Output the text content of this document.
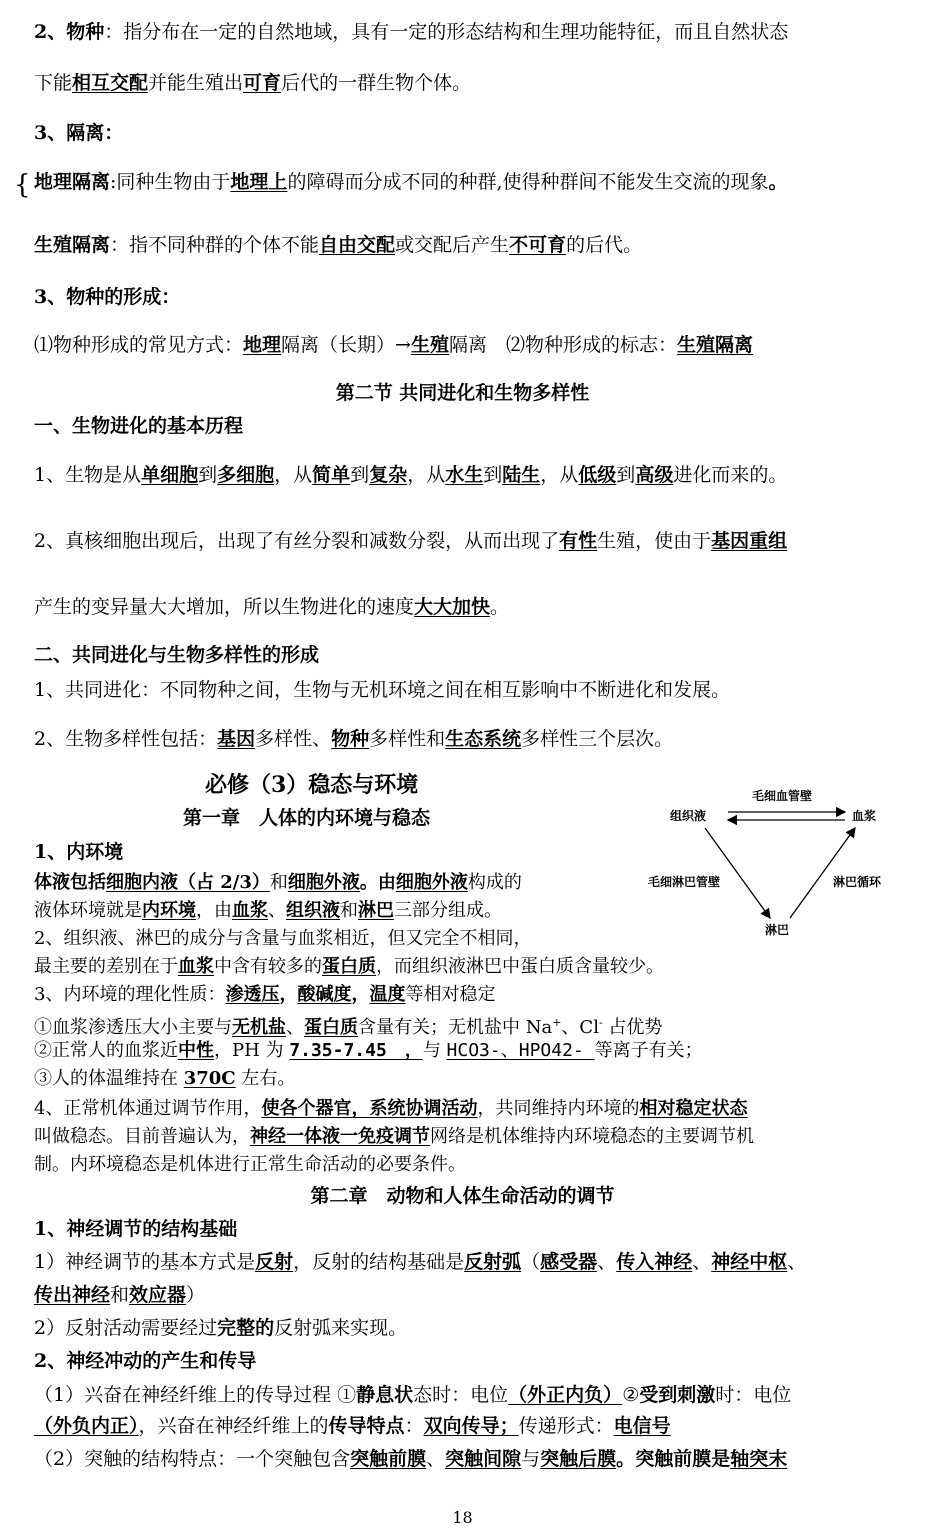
2、物种：指分布在一定的自然地域，具有一定的形态结构和生理功能特征，而且自然状态
下能相互交配并能生殖出可育后代的一群生物个体。
3、隔离：
{ 地理隔离:同种生物由于地理上的障碍而分成不同的种群,使得种群间不能发生交流的现象。
生殖隔离：指不同种群的个体不能自由交配或交配后产生不可育的后代。
3、物种的形成：
⑴物种形成的常见方式：地理隔离（长期）→生殖隔离　⑵物种形成的标志：生殖隔离
第二节 共同进化和生物多样性
一、生物进化的基本历程
1、生物是从单细胞到多细胞，从简单到复杂，从水生到陆生，从低级到高级进化而来的。
2、真核细胞出现后，出现了有丝分裂和减数分裂，从而出现了有性生殖，使由于基因重组
产生的变异量大大增加，所以生物进化的速度大大加快。
二、共同进化与生物多样性的形成
1、共同进化：不同物种之间，生物与无机环境之间在相互影响中不断进化和发展。
2、生物多样性包括：基因多样性、物种多样性和生态系统多样性三个层次。
必修（3）稳态与环境
第一章　人体的内环境与稳态
1、内环境
体液包括细胞内液（占 2/3）和细胞外液。由细胞外液构成的
液体环境就是内环境，由血浆、组织液和淋巴三部分组成。
2、组织液、淋巴的成分与含量与血浆相近，但又完全不相同，
最主要的差别在于血浆中含有较多的蛋白质，而组织液淋巴中蛋白质含量较少。
3、内环境的理化性质：渗透压，酸碱度，温度等相对稳定
①血浆渗透压大小主要与无机盐、蛋白质含量有关；无机盐中 Na+、Cl- 占优势
②正常人的血浆近中性，PH 为 7.35-7.45　，与 HCO3-、HPO42- 等离子有关；
③人的体温维持在 370C 左右。
4、正常机体通过调节作用，使各个器官，系统协调活动，共同维持内环境的相对稳定状态
叫做稳态。目前普遍认为，神经一体液一免疫调节网络是机体维持内环境稳态的主要调节机
制。内环境稳态是机体进行正常生命活动的必要条件。
第二章　动物和人体生命活动的调节
1、神经调节的结构基础
1）神经调节的基本方式是反射，反射的结构基础是反射弧（感受器、传入神经、神经中枢、
传出神经和效应器）
2）反射活动需要经过完整的反射弧来实现。
2、神经冲动的产生和传导
（1）兴奋在神经纤维上的传导过程 ①静息状态时：电位（外正内负）②受到刺激时：电位
（外负内正），兴奋在神经纤维上的传导特点：双向传导；传递形式：电信号
（2）突触的结构特点：一个突触包含突触前膜、突触间隙与突触后膜。突触前膜是轴突末
毛细血管壁
组织液	血浆
毛细淋巴管壁	淋巴循环
淋巴
18
